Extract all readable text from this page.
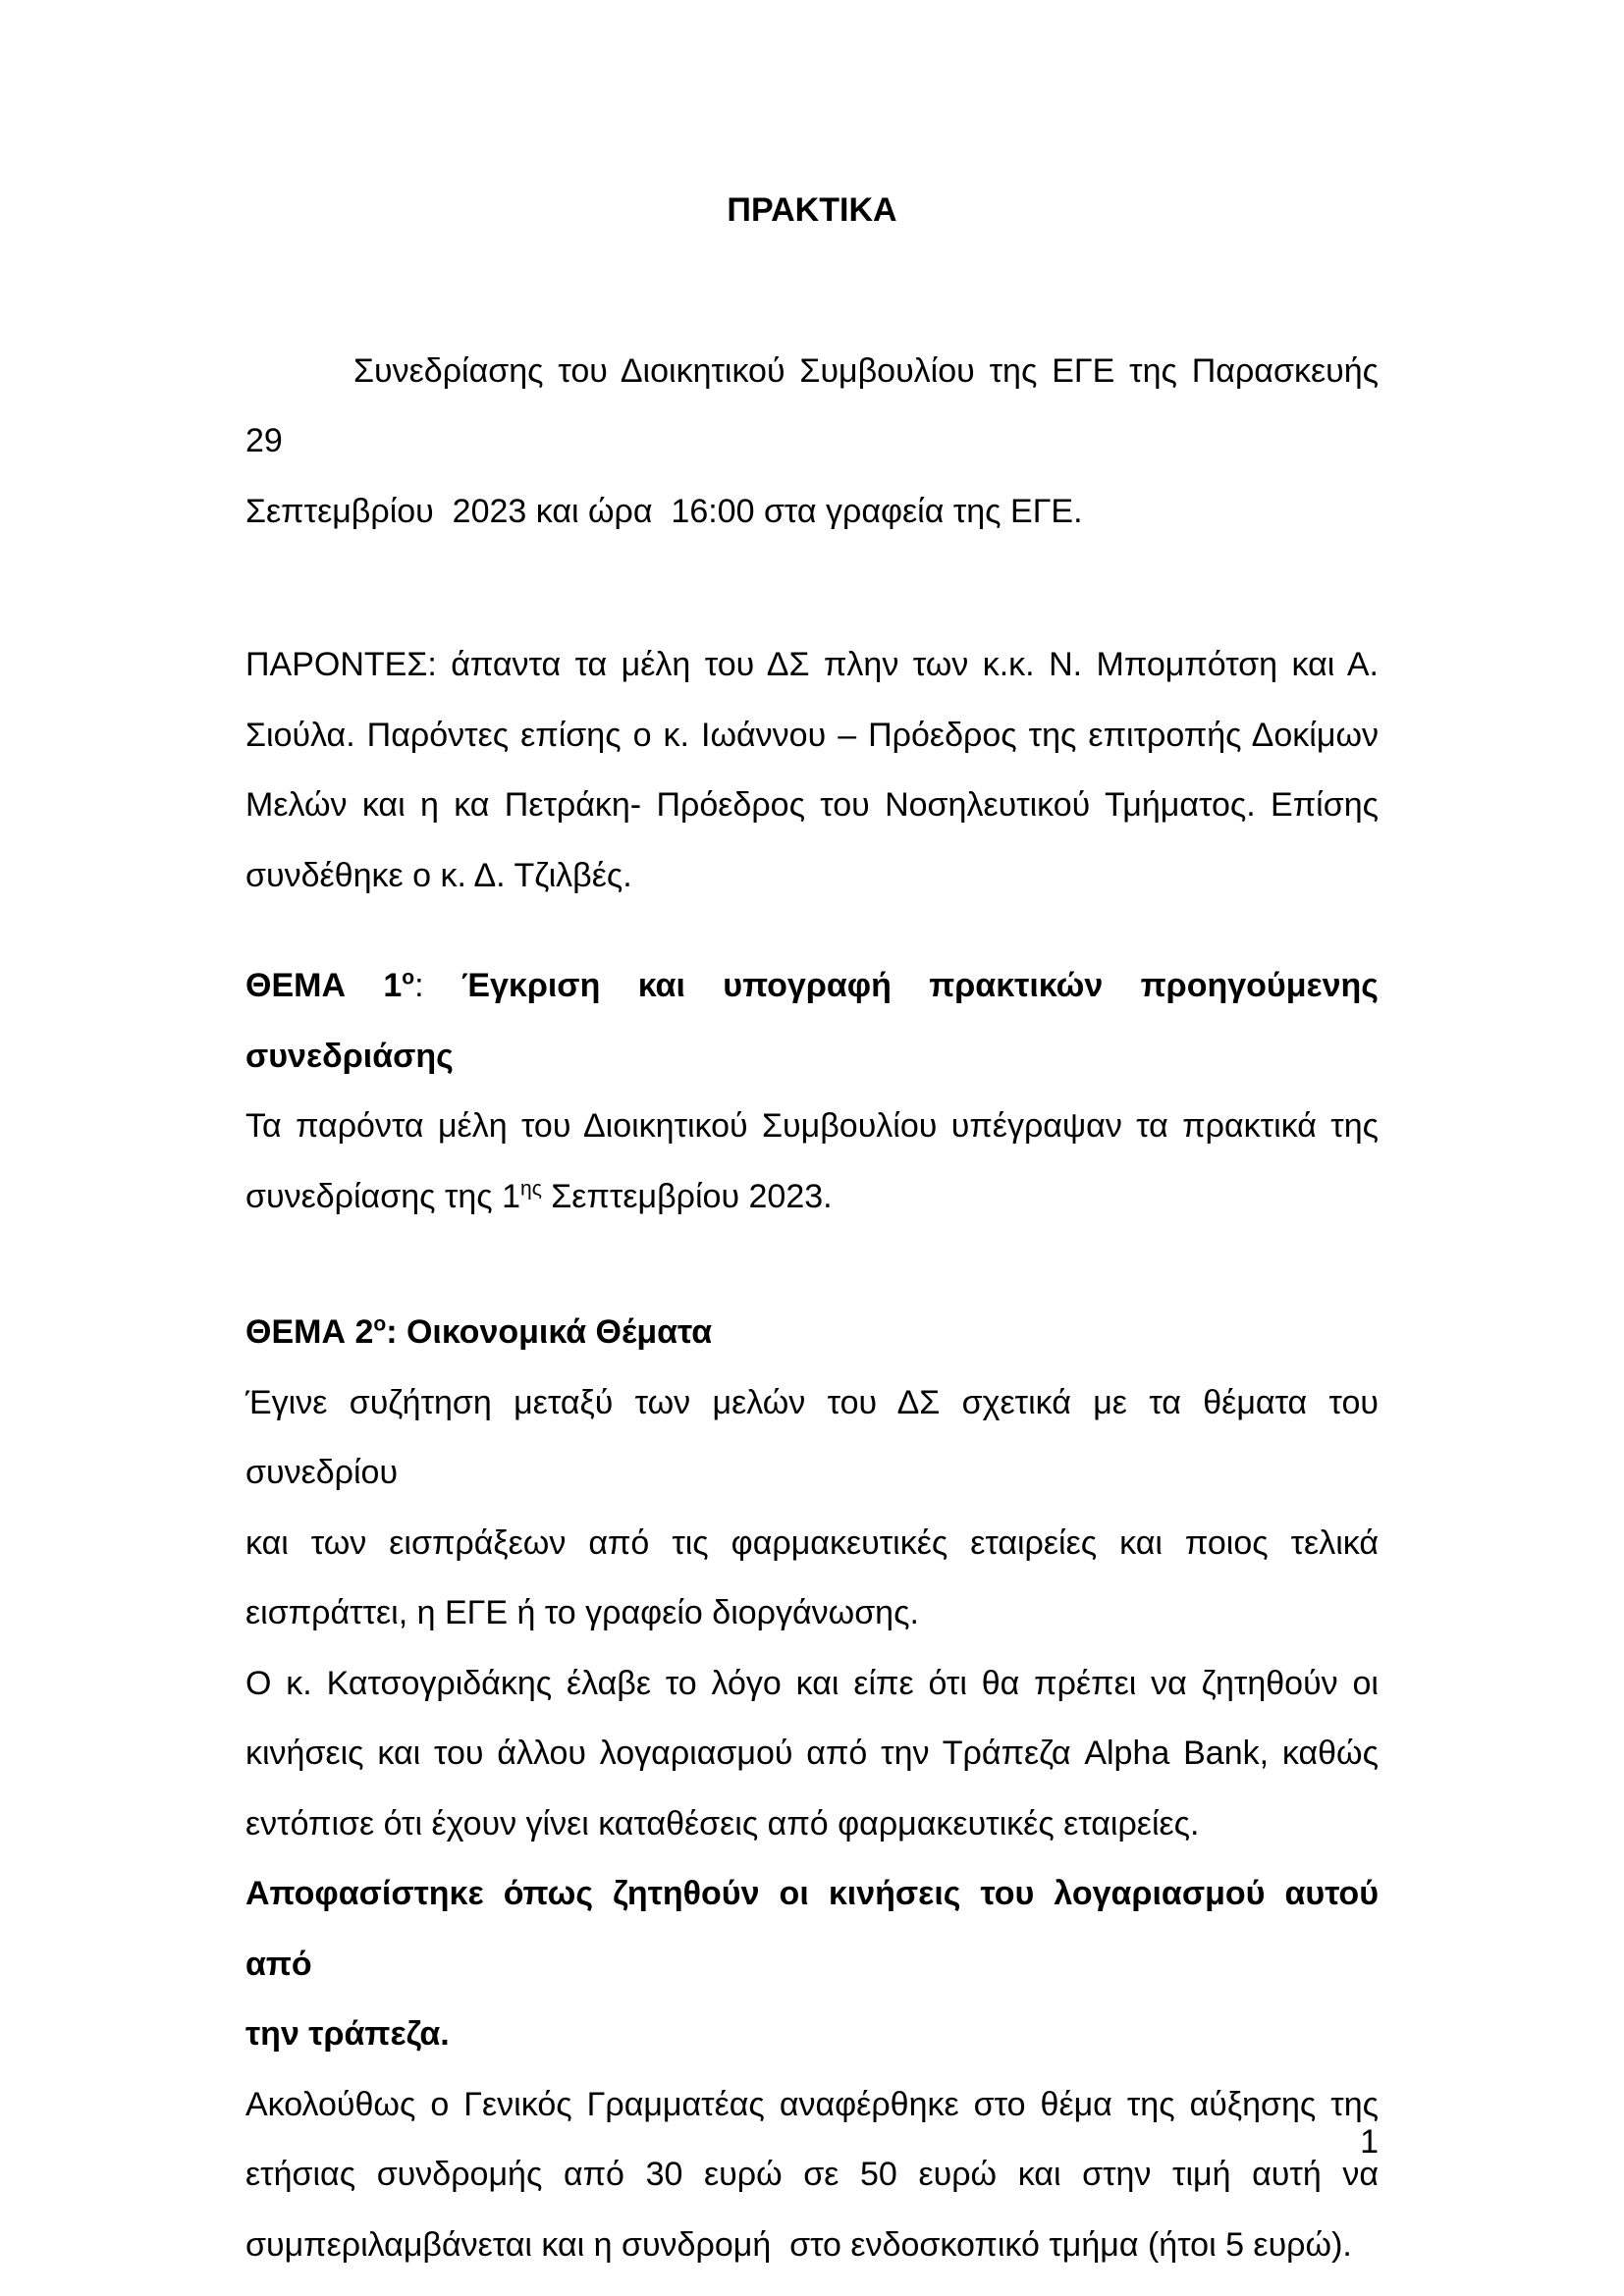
ΠΡΑΚΤΙΚΑ
Συνεδρίασης του Διοικητικού Συμβουλίου της ΕΓΕ της Παρασκευής 29
Σεπτεμβρίου  2023 και ώρα  16:00 στα γραφεία της ΕΓΕ.
ΠΑΡΟΝΤΕΣ: άπαντα τα μέλη του ΔΣ πλην των κ.κ. Ν. Μπομπότση και Α.
Σιούλα. Παρόντες επίσης ο κ. Ιωάννου – Πρόεδρος της επιτροπής Δοκίμων
Μελών και η κα Πετράκη- Πρόεδρος του Νοσηλευτικού Τμήματος. Επίσης
συνδέθηκε ο κ. Δ. Τζιλβές.
ΘΕΜΑ $1^o$: Έγκριση και υπογραφή πρακτικών προηγούμενης
συνεδριάσης
Τα παρόντα μέλη του Διοικητικού Συμβουλίου υπέγραψαν τα πρακτικά της
συνεδρίασης της $1^{\eta\varsigma}$ Σεπτεμβρίου 2023.
ΘΕΜΑ $2^o$: Οικονομικά Θέματα
Έγινε συζήτηση μεταξύ των μελών του ΔΣ σχετικά με τα θέματα του συνεδρίου
και των εισπράξεων από τις φαρμακευτικές εταιρείες και ποιος τελικά
εισπράττει, η ΕΓΕ ή το γραφείο διοργάνωσης.
Ο κ. Κατσογριδάκης έλαβε το λόγο και είπε ότι θα πρέπει να ζητηθούν οι
κινήσεις και του άλλου λογαριασμού από την Τράπεζα Alpha Bank, καθώς
εντόπισε ότι έχουν γίνει καταθέσεις από φαρμακευτικές εταιρείες.
Αποφασίστηκε όπως ζητηθούν οι κινήσεις του λογαριασμού αυτού από
την τράπεζα.
Ακολούθως ο Γενικός Γραμματέας αναφέρθηκε στο θέμα της αύξησης της
ετήσιας συνδρομής από 30 ευρώ σε 50 ευρώ και στην τιμή αυτή να
συμπεριλαμβάνεται και η συνδρομή  στο ενδοσκοπικό τμήμα (ήτοι 5 ευρώ).
1
